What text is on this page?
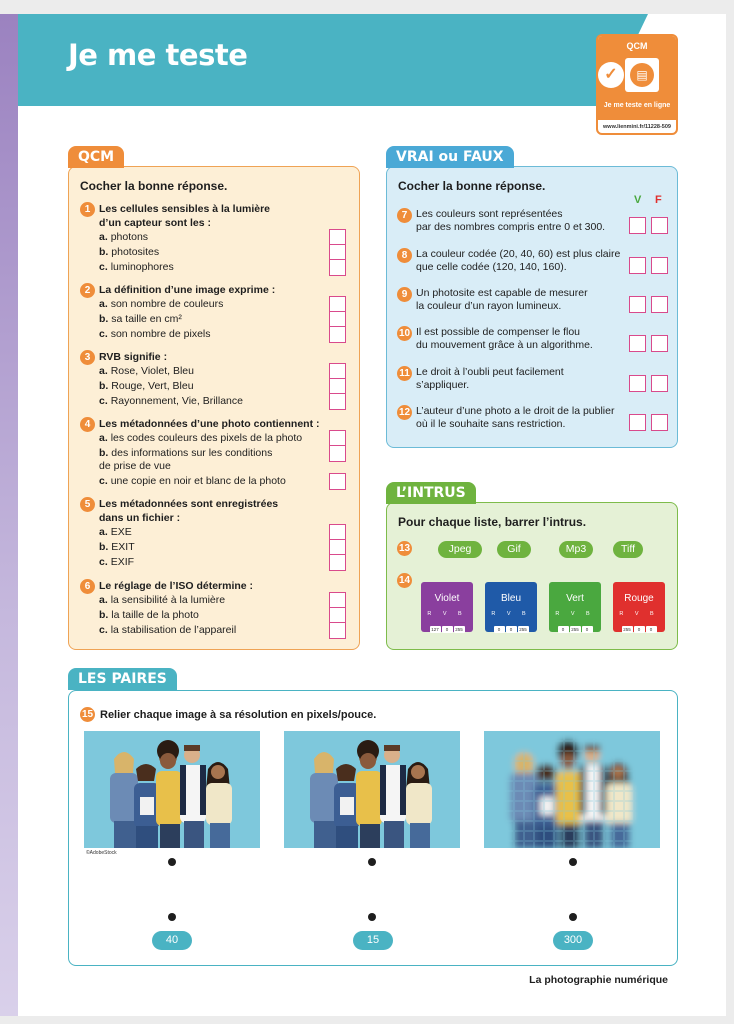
Je me teste	QCM
✓	▤
Je me teste en ligne
www.lienmini.fr/11228-509
QCM
Cocher la bonne réponse.
1 Les cellules sensibles à la lumière
d’un capteur sont les :
a. photons
b. photosites
c. luminophores
2 La définition d’une image exprime :
a. son nombre de couleurs
b. sa taille en cm²
c. son nombre de pixels
3 RVB signifie :
a. Rose, Violet, Bleu
b. Rouge, Vert, Bleu
c. Rayonnement, Vie, Brillance
4 Les métadonnées d’une photo contiennent :
a. les codes couleurs des pixels de la photo
b. des informations sur les conditions
de prise de vue
c. une copie en noir et blanc de la photo
5 Les métadonnées sont enregistrées
dans un fichier :
a. EXE
b. EXIT
c. EXIF
6 Le réglage de l’ISO détermine :
a. la sensibilité à la lumière
b. la taille de la photo
c. la stabilisation de l’appareil
VRAI ou FAUX
Cocher la bonne réponse.
V F
7 Les couleurs sont représentées
par des nombres compris entre 0 et 300.
8 La couleur codée (20, 40, 60) est plus claire
que celle codée (120, 140, 160).
9 Un photosite est capable de mesurer
la couleur d’un rayon lumineux.
10 Il est possible de compenser le flou
du mouvement grâce à un algorithme.
11 Le droit à l’oubli peut facilement
s’appliquer.
12 L’auteur d’une photo a le droit de la publier
où il le souhaite sans restriction.
L’INTRUS
Pour chaque liste, barrer l’intrus.
13	Jpeg	Gif	Mp3	Tiff
14
Violet
R V B
127 0 255
Bleu
R V B
0 0 255
Vert
R V B
0 255 0
Rouge
R V B
255 0 0
LES PAIRES
15 Relier chaque image à sa résolution en pixels/pouce.
©AdobeStock
40	15	300
La photographie numérique
